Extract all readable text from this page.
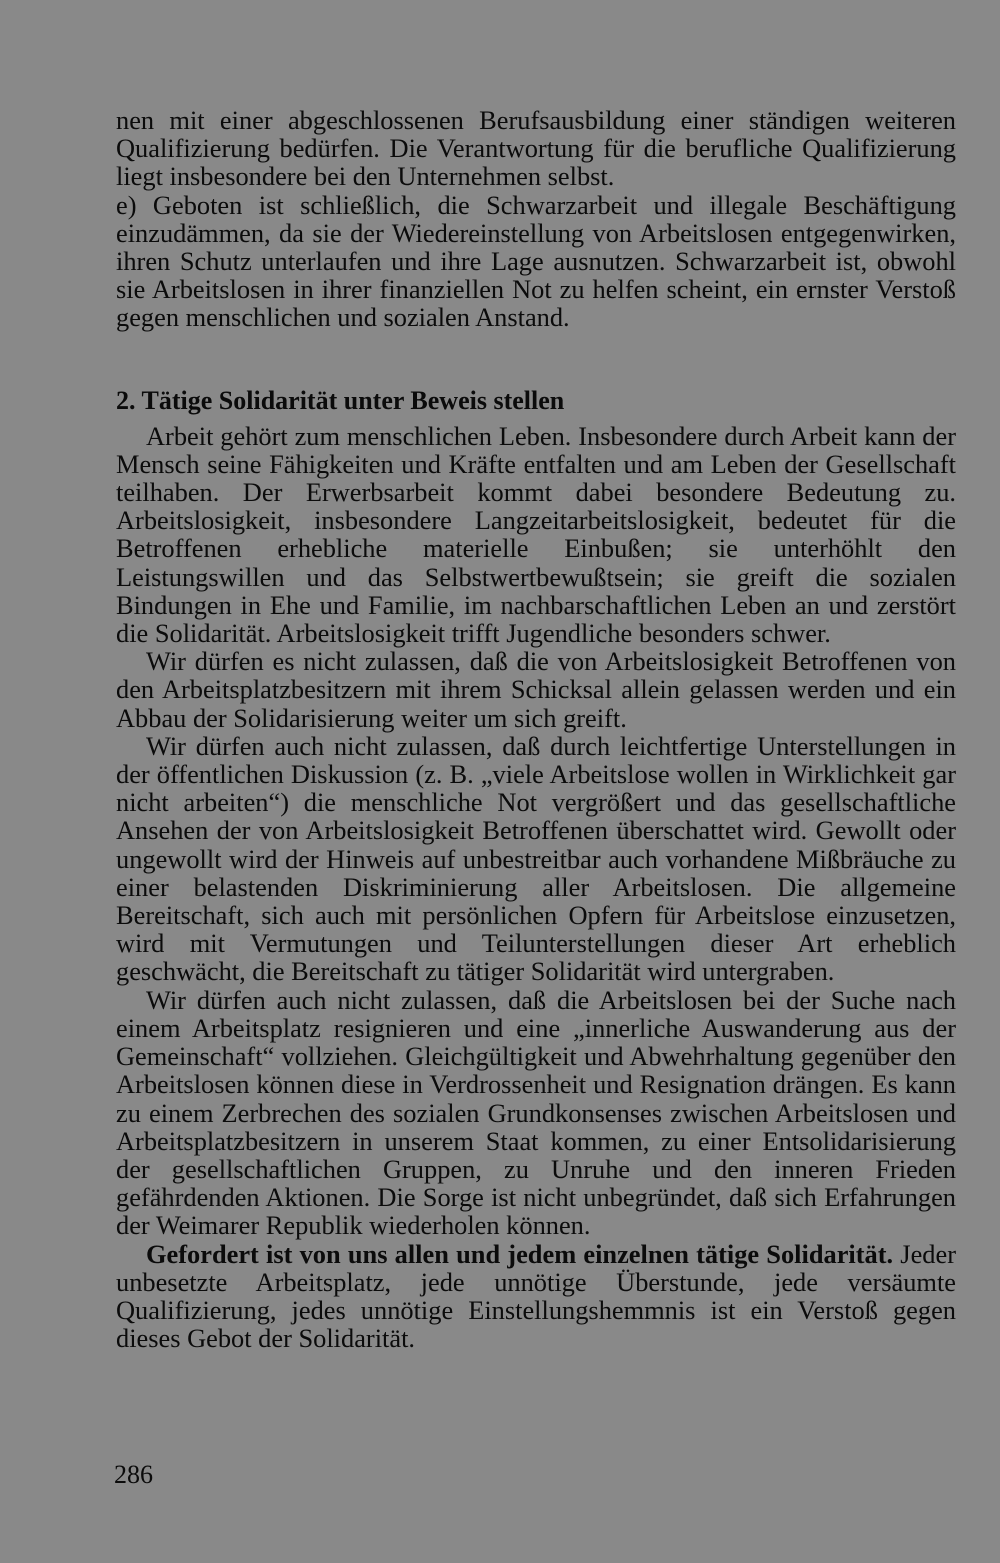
nen mit einer abgeschlossenen Berufsausbildung einer ständigen weiteren Qualifizierung bedürfen. Die Verantwortung für die berufliche Qualifizierung liegt insbesondere bei den Unternehmen selbst.

e) Geboten ist schließlich, die Schwarzarbeit und illegale Beschäftigung einzudämmen, da sie der Wiedereinstellung von Arbeitslosen entgegenwirken, ihren Schutz unterlaufen und ihre Lage ausnutzen. Schwarzarbeit ist, obwohl sie Arbeitslosen in ihrer finanziellen Not zu helfen scheint, ein ernster Verstoß gegen menschlichen und sozialen Anstand.

2. Tätige Solidarität unter Beweis stellen

Arbeit gehört zum menschlichen Leben. Insbesondere durch Arbeit kann der Mensch seine Fähigkeiten und Kräfte entfalten und am Leben der Gesellschaft teilhaben. Der Erwerbsarbeit kommt dabei besondere Bedeutung zu. Arbeitslosigkeit, insbesondere Langzeitarbeitslosigkeit, bedeutet für die Betroffenen erhebliche materielle Einbußen; sie unterhöhlt den Leistungswillen und das Selbstwertbewußtsein; sie greift die sozialen Bindungen in Ehe und Familie, im nachbarschaftlichen Leben an und zerstört die Solidarität. Arbeitslosigkeit trifft Jugendliche besonders schwer.

Wir dürfen es nicht zulassen, daß die von Arbeitslosigkeit Betroffenen von den Arbeitsplatzbesitzern mit ihrem Schicksal allein gelassen werden und ein Abbau der Solidarisierung weiter um sich greift.

Wir dürfen auch nicht zulassen, daß durch leichtfertige Unterstellungen in der öffentlichen Diskussion (z. B. „viele Arbeitslose wollen in Wirklichkeit gar nicht arbeiten“) die menschliche Not vergrößert und das gesellschaftliche Ansehen der von Arbeitslosigkeit Betroffenen überschattet wird. Gewollt oder ungewollt wird der Hinweis auf unbestreitbar auch vorhandene Mißbräuche zu einer belastenden Diskriminierung aller Arbeitslosen. Die allgemeine Bereitschaft, sich auch mit persönlichen Opfern für Arbeitslose einzusetzen, wird mit Vermutungen und Teilunterstellungen dieser Art erheblich geschwächt, die Bereitschaft zu tätiger Solidarität wird untergraben.

Wir dürfen auch nicht zulassen, daß die Arbeitslosen bei der Suche nach einem Arbeitsplatz resignieren und eine „innerliche Auswanderung aus der Gemeinschaft“ vollziehen. Gleichgültigkeit und Abwehrhaltung gegenüber den Arbeitslosen können diese in Verdrossenheit und Resignation drängen. Es kann zu einem Zerbrechen des sozialen Grundkonsenses zwischen Arbeitslosen und Arbeitsplatzbesitzern in unserem Staat kommen, zu einer Entsolidarisierung der gesellschaftlichen Gruppen, zu Unruhe und den inneren Frieden gefährdenden Aktionen. Die Sorge ist nicht unbegründet, daß sich Erfahrungen der Weimarer Republik wiederholen können.

Gefordert ist von uns allen und jedem einzelnen tätige Solidarität. Jeder unbesetzte Arbeitsplatz, jede unnötige Überstunde, jede versäumte Qualifizierung, jedes unnötige Einstellungshemmnis ist ein Verstoß gegen dieses Gebot der Solidarität.

286
